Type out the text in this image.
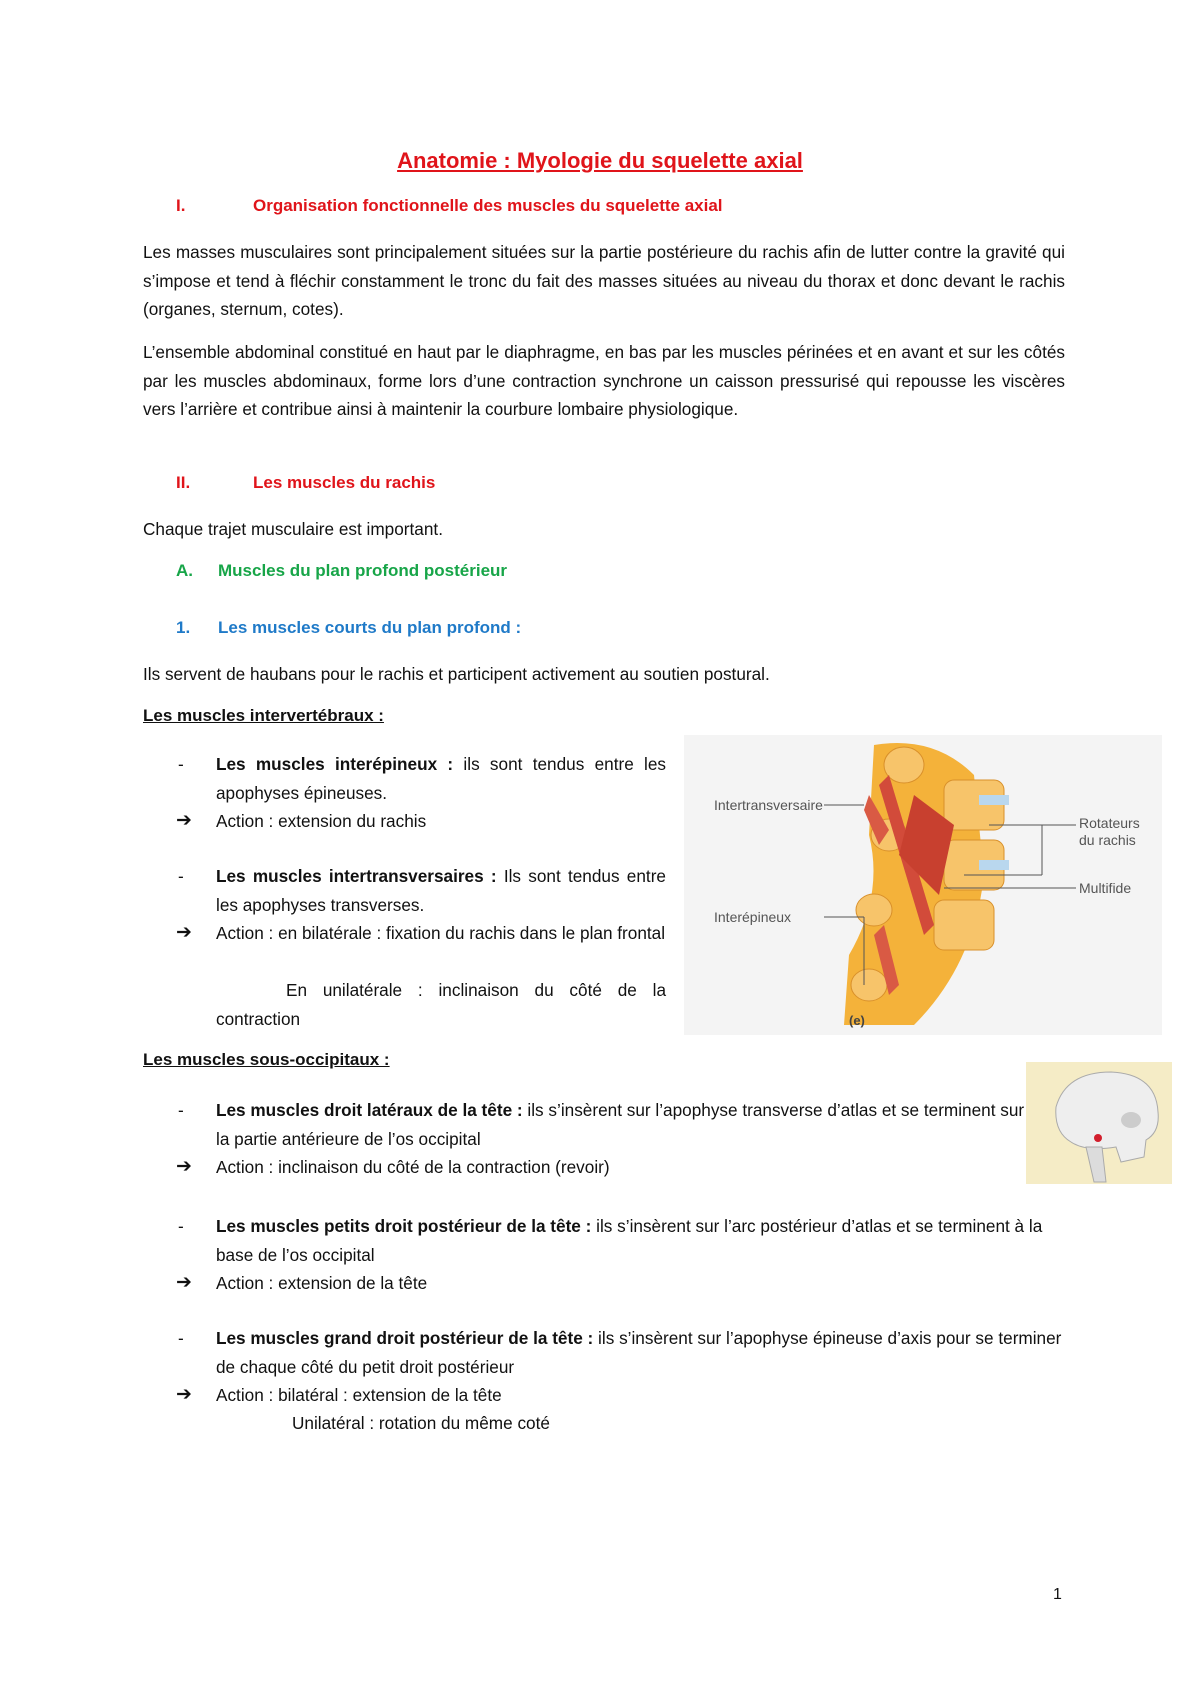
Anatomie : Myologie du squelette axial
I.	Organisation fonctionnelle des muscles du squelette axial
Les masses musculaires sont principalement situées sur la partie postérieure du rachis afin de lutter contre la gravité qui s’impose et tend à fléchir constamment le tronc du fait des masses situées au niveau du thorax et donc devant le rachis (organes, sternum, cotes).
L’ensemble abdominal constitué en haut par le diaphragme, en bas par les muscles périnées et en avant et sur les côtés par les muscles abdominaux, forme lors d’une contraction synchrone un caisson pressurisé qui repousse les viscères vers l’arrière et contribue ainsi à maintenir la courbure lombaire physiologique.
II.	Les muscles du rachis
Chaque trajet musculaire est important.
A. Muscles du plan profond postérieur
1. Les muscles courts du plan profond :
Ils servent de haubans pour le rachis et participent activement au soutien postural.
Les muscles intervertébraux :
- Les muscles interépineux : ils sont tendus entre les apophyses épineuses.
➔ Action : extension du rachis
- Les muscles intertransversaires : Ils sont tendus entre les apophyses transverses.
➔ Action : en bilatérale : fixation du rachis dans le plan frontal
En unilatérale : inclinaison du côté de la contraction
Intertransversaire
Interépineux
Rotateurs
du rachis
Multifide
(e)
Les muscles sous-occipitaux :
- Les muscles droit latéraux de la tête : ils s’insèrent sur l’apophyse transverse d’atlas et se terminent sur la partie antérieure de l’os occipital
➔ Action : inclinaison du côté de la contraction (revoir)
- Les muscles petits droit postérieur de la tête : ils s’insèrent sur l’arc postérieur d’atlas et se terminent à la base de l’os occipital
➔ Action : extension de la tête
- Les muscles grand droit postérieur de la tête : ils s’insèrent sur l’apophyse épineuse d’axis pour se terminer de chaque côté du petit droit postérieur
➔ Action : bilatéral : extension de la tête
Unilatéral : rotation du même coté
1
